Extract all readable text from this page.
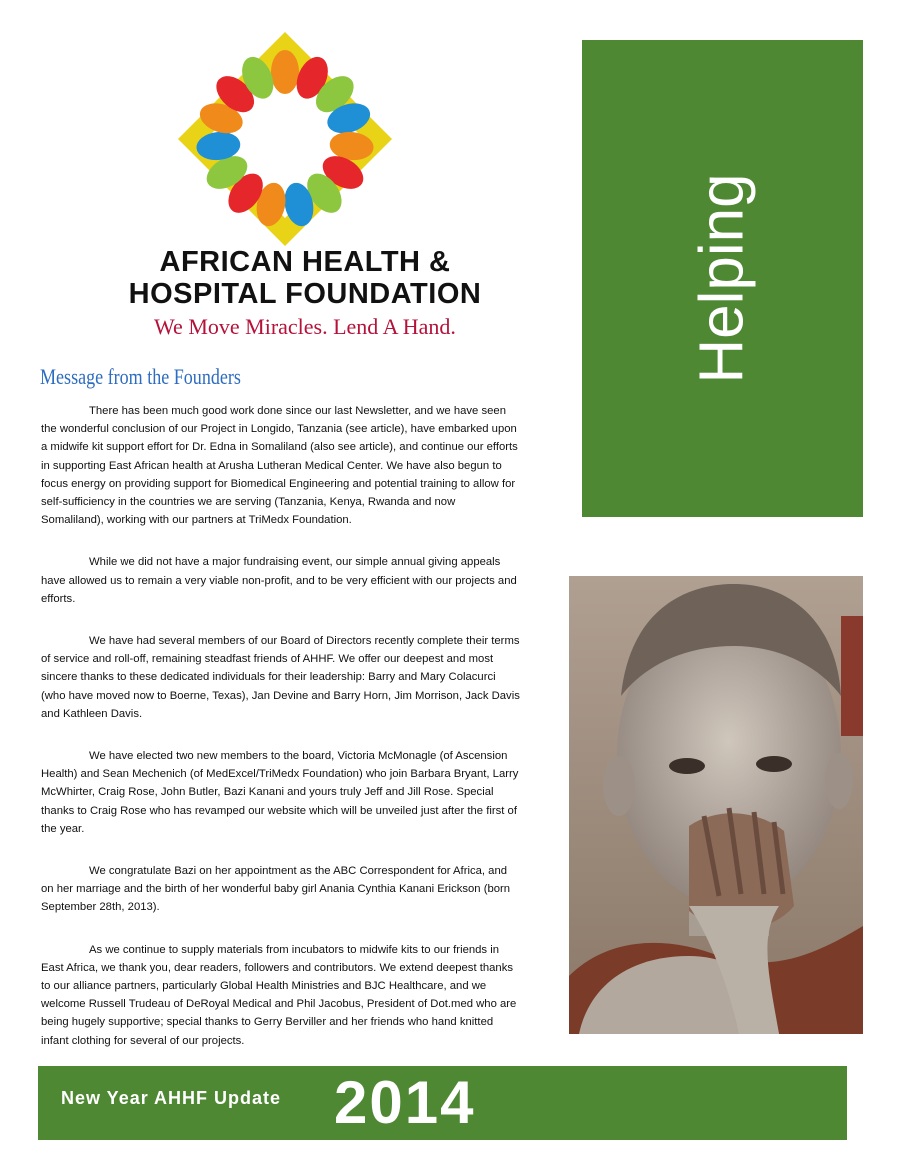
AFRICAN HEALTH &
HOSPITAL FOUNDATION
We Move Miracles. Lend A Hand.
Message from the Founders

There has been much good work done since our last Newsletter, and we have seen the wonderful conclusion of our Project in Longido, Tanzania (see article), have embarked upon a midwife kit support effort for Dr. Edna in Somaliland (also see article), and continue our efforts in supporting East African health at Arusha Lutheran Medical Center. We have also begun to focus energy on providing support for Biomedical Engineering and potential training to allow for self-sufficiency in the countries we are serving (Tanzania, Kenya, Rwanda and now Somaliland), working with our partners at TriMedx Foundation.

While we did not have a major fundraising event, our simple annual giving appeals have allowed us to remain a very viable non-profit, and to be very efficient with our projects and efforts.

We have had several members of our Board of Directors recently complete their terms of service and roll-off, remaining steadfast friends of AHHF. We offer our deepest and most sincere thanks to these dedicated individuals for their leadership: Barry and Mary Colacurci (who have moved now to Boerne, Texas), Jan Devine and Barry Horn, Jim Morrison, Jack Davis and Kathleen Davis.

We have elected two new members to the board, Victoria McMonagle (of Ascension Health) and Sean Mechenich (of MedExcel/TriMedx Foundation) who join Barbara Bryant, Larry McWhirter, Craig Rose, John Butler, Bazi Kanani and yours truly Jeff and Jill Rose. Special thanks to Craig Rose who has revamped our website which will be unveiled just after the first of the year.

We congratulate Bazi on her appointment as the ABC Correspondent for Africa, and on her marriage and the birth of her wonderful baby girl Anania Cynthia Kanani Erickson (born September 28th, 2013).

As we continue to supply materials from incubators to midwife kits to our friends in East Africa, we thank you, dear readers, followers and contributors. We extend deepest thanks to our alliance partners, particularly Global Health Ministries and BJC Healthcare, and we welcome Russell Trudeau of DeRoyal Medical and Phil Jacobus, President of Dot.med who are being hugely supportive; special thanks to Gerry Berviller and her friends who hand knitted infant clothing for several of our projects.

Helping
New Year AHHF Update 2014
